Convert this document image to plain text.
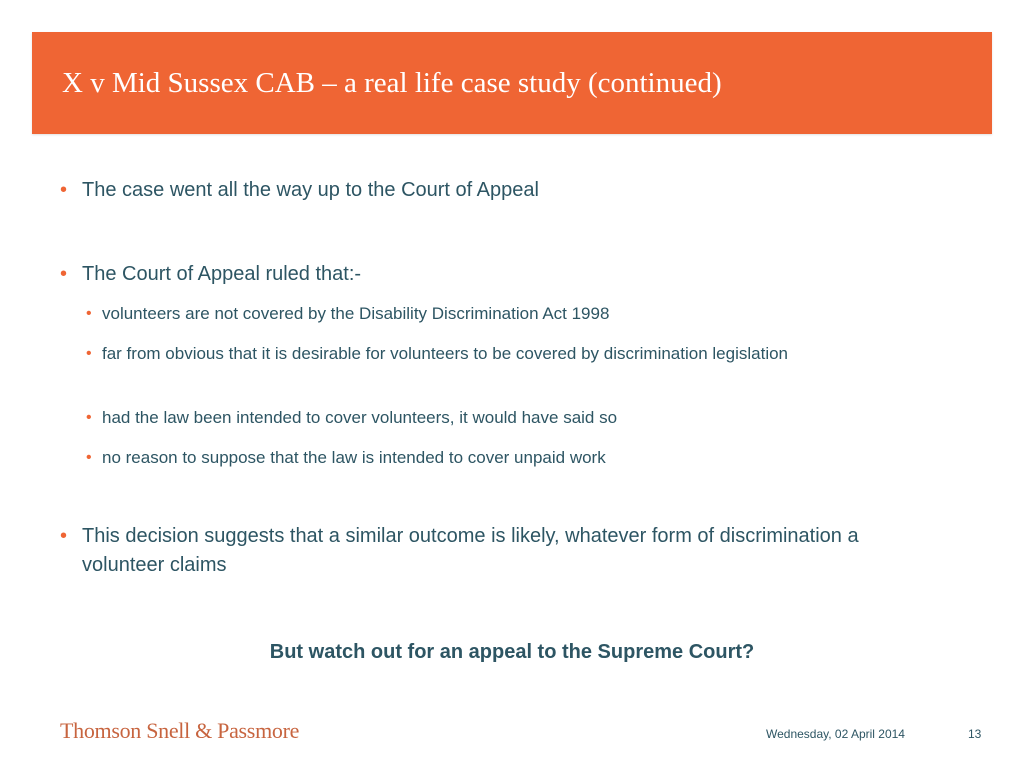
X v Mid Sussex CAB – a real life case study (continued)

• The case went all the way up to the Court of Appeal

• The Court of Appeal ruled that:-

• volunteers are not covered by the Disability Discrimination Act 1998

• far from obvious that it is desirable for volunteers to be covered by discrimination legislation

• had the law been intended to cover volunteers, it would have said so

• no reason to suppose that the law is intended to cover unpaid work

• This decision suggests that a similar outcome is likely, whatever form of discrimination a volunteer claims

But watch out for an appeal to the Supreme Court?

Thomson Snell & Passmore	Wednesday, 02 April 2014	13
